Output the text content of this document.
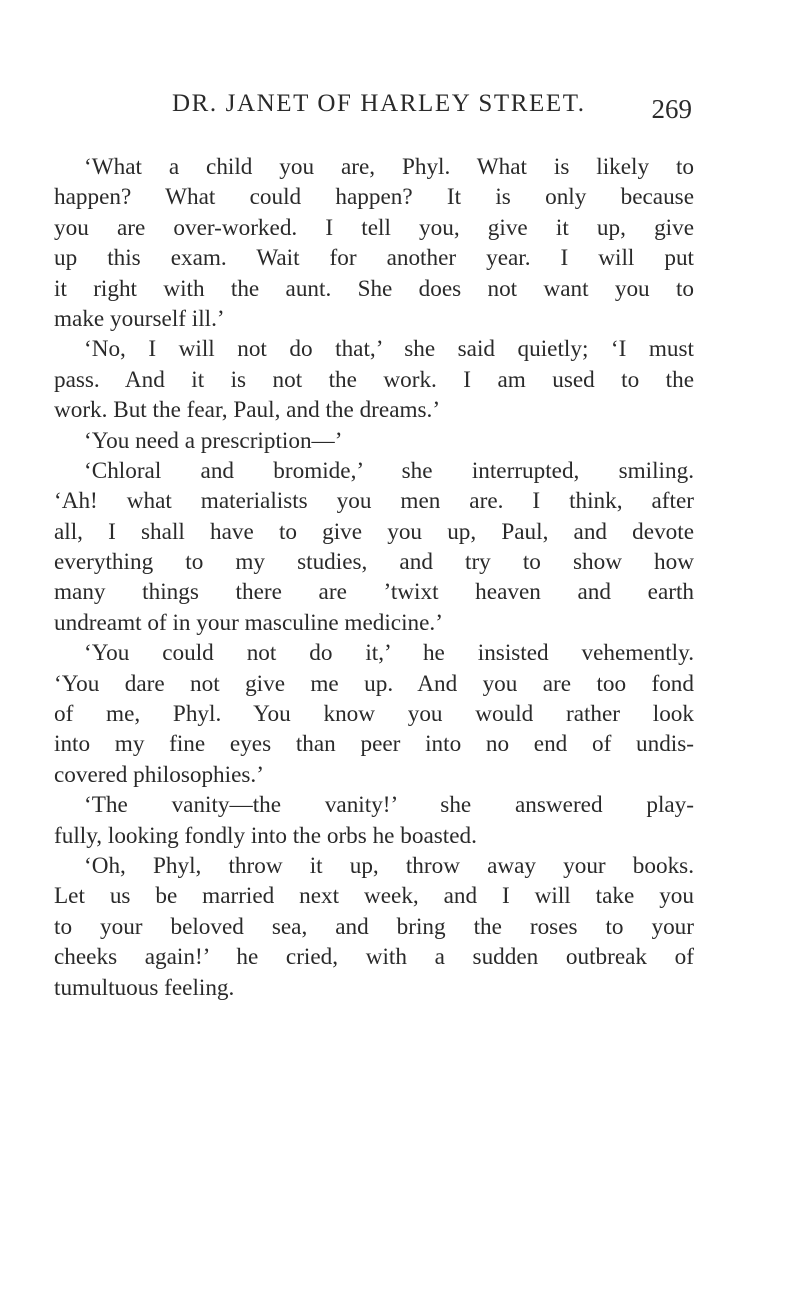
DR. JANET OF HARLEY STREET. 269
‘What a child you are, Phyl. What is likely to
happen? What could happen? It is only because
you are over-worked. I tell you, give it up, give
up this exam. Wait for another year. I will put
it right with the aunt. She does not want you to
make yourself ill.’
‘No, I will not do that,’ she said quietly; ‘I must
pass. And it is not the work. I am used to the
work. But the fear, Paul, and the dreams.’
‘You need a prescription—’
‘Chloral and bromide,’ she interrupted, smiling.
‘Ah! what materialists you men are. I think, after
all, I shall have to give you up, Paul, and devote
everything to my studies, and try to show how
many things there are ’twixt heaven and earth
undreamt of in your masculine medicine.’
‘You could not do it,’ he insisted vehemently.
‘You dare not give me up. And you are too fond
of me, Phyl. You know you would rather look
into my fine eyes than peer into no end of undis-
covered philosophies.’
‘The vanity—the vanity!’ she answered play-
fully, looking fondly into the orbs he boasted.
‘Oh, Phyl, throw it up, throw away your books.
Let us be married next week, and I will take you
to your beloved sea, and bring the roses to your
cheeks again!’ he cried, with a sudden outbreak of
tumultuous feeling.
